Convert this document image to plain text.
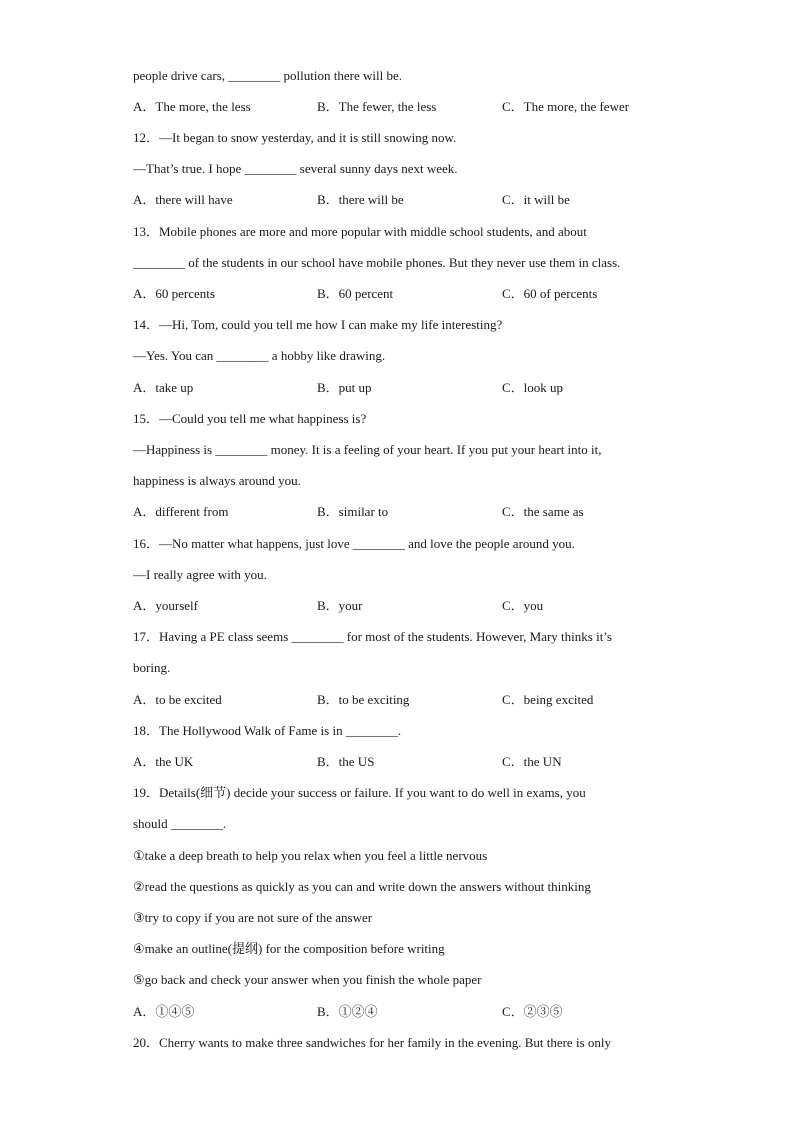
people drive cars, ________ pollution there will be.
A．The more, the less	B．The fewer, the less	C．The more, the fewer
12．—It began to snow yesterday, and it is still snowing now.
—That’s true. I hope ________ several sunny days next week.
A．there will have	B．there will be	C．it will be
13．Mobile phones are more and more popular with middle school students, and about
________ of the students in our school have mobile phones. But they never use them in class.
A．60 percents	B．60 percent	C．60 of percents
14．—Hi, Tom, could you tell me how I can make my life interesting?
—Yes. You can ________ a hobby like drawing.
A．take up	B．put up	C．look up
15．—Could you tell me what happiness is?
—Happiness is ________ money. It is a feeling of your heart. If you put your heart into it,
happiness is always around you.
A．different from	B．similar to	C．the same as
16．—No matter what happens, just love ________ and love the people around you.
—I really agree with you.
A．yourself	B．your	C．you
17．Having a PE class seems ________ for most of the students. However, Mary thinks it’s
boring.
A．to be excited	B．to be exciting	C．being excited
18．The Hollywood Walk of Fame is in ________.
A．the UK	B．the US	C．the UN
19．Details(细节) decide your success or failure. If you want to do well in exams, you
should ________.
①take a deep breath to help you relax when you feel a little nervous
②read the questions as quickly as you can and write down the answers without thinking
③try to copy if you are not sure of the answer
④make an outline(提纲) for the composition before writing
⑤go back and check your answer when you finish the whole paper
A．①④⑤	B．①②④	C．②③⑤
20．Cherry wants to make three sandwiches for her family in the evening. But there is only
